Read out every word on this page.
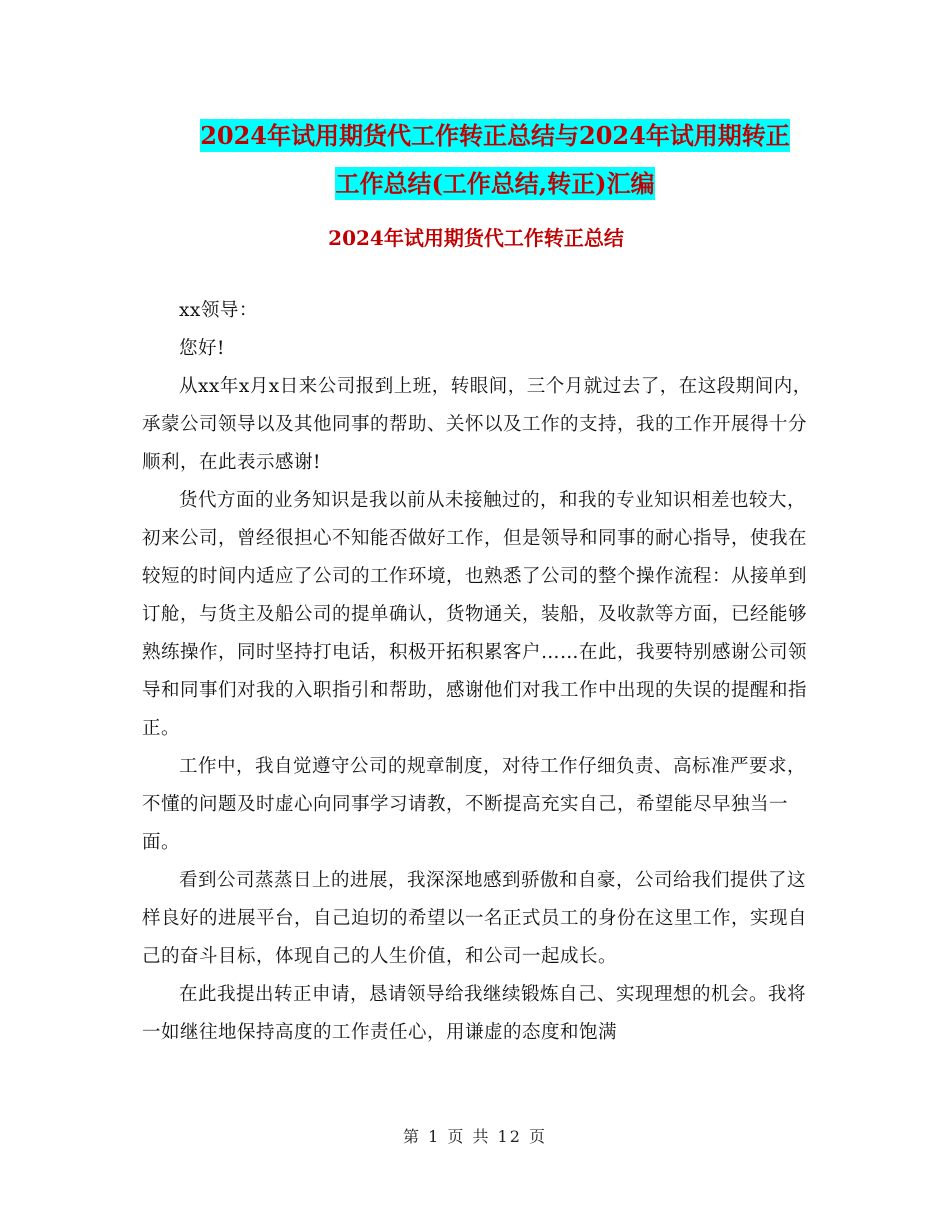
2024年试用期货代工作转正总结与2024年试用期转正
工作总结(工作总结,转正)汇编
2024年试用期货代工作转正总结

xx领导：

您好!

从xx年x月x日来公司报到上班，转眼间，三个月就过去了，在这段期间内，承蒙公司领导以及其他同事的帮助、关怀以及工作的支持，我的工作开展得十分顺利，在此表示感谢!

货代方面的业务知识是我以前从未接触过的，和我的专业知识相差也较大，初来公司，曾经很担心不知能否做好工作，但是领导和同事的耐心指导，使我在较短的时间内适应了公司的工作环境，也熟悉了公司的整个操作流程：从接单到订舱，与货主及船公司的提单确认，货物通关，装船，及收款等方面，已经能够熟练操作，同时坚持打电话，积极开拓积累客户……在此，我要特别感谢公司领导和同事们对我的入职指引和帮助，感谢他们对我工作中出现的失误的提醒和指正。

工作中，我自觉遵守公司的规章制度，对待工作仔细负责、高标准严要求，不懂的问题及时虚心向同事学习请教，不断提高充实自己，希望能尽早独当一面。

看到公司蒸蒸日上的进展，我深深地感到骄傲和自豪，公司给我们提供了这样良好的进展平台，自己迫切的希望以一名正式员工的身份在这里工作，实现自己的奋斗目标，体现自己的人生价值，和公司一起成长。

在此我提出转正申请，恳请领导给我继续锻炼自己、实现理想的机会。我将一如继往地保持高度的工作责任心，用谦虚的态度和饱满

第 1 页 共 12 页
